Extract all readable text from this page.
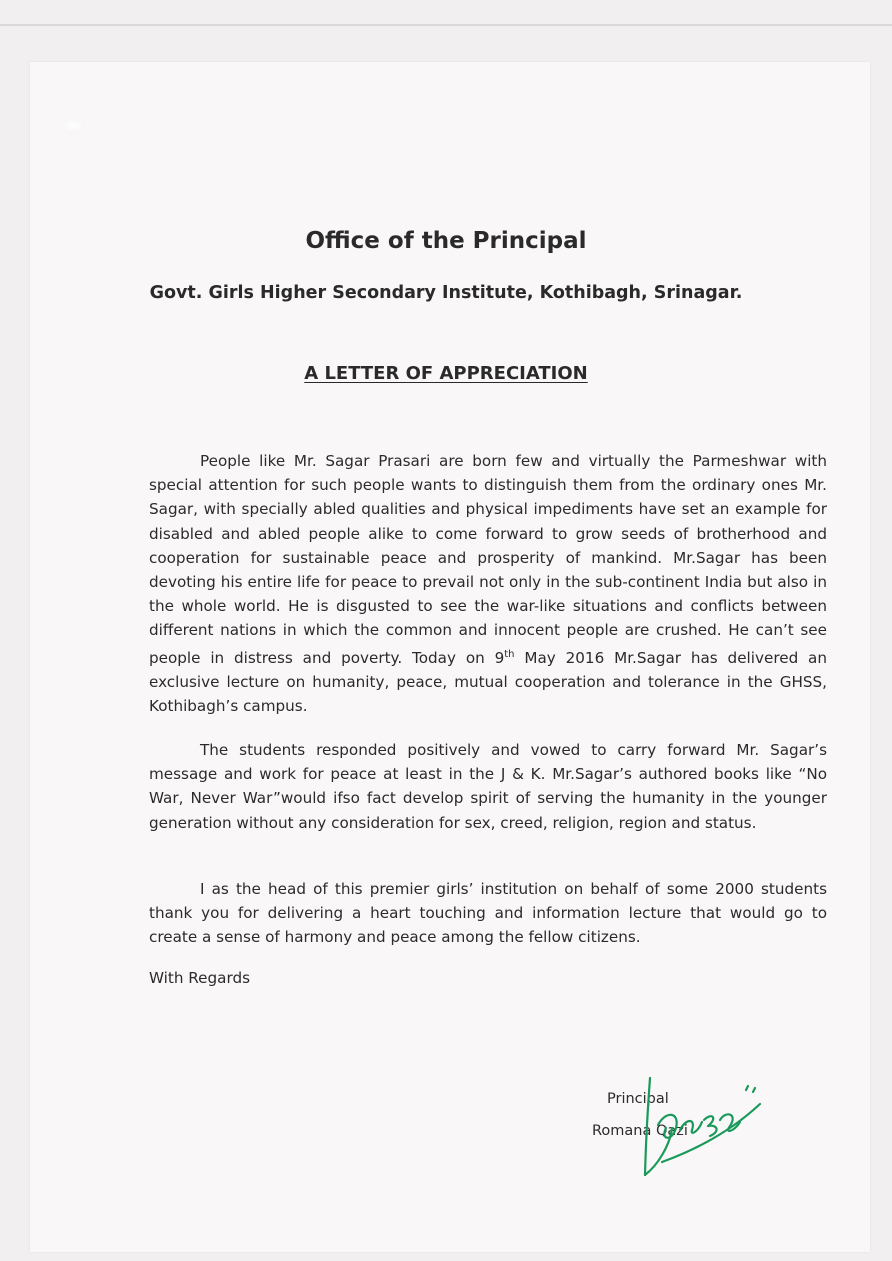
Office of the Principal
Govt. Girls Higher Secondary Institute, Kothibagh, Srinagar.
A LETTER OF APPRECIATION

People like Mr. Sagar Prasari are born few and virtually the Parmeshwar with special attention for such people wants to distinguish them from the ordinary ones Mr. Sagar, with specially abled qualities and physical impediments have set an example for disabled and abled people alike to come forward to grow seeds of brotherhood and cooperation for sustainable peace and prosperity of mankind. Mr.Sagar has been devoting his entire life for peace to prevail not only in the sub-continent India but also in the whole world. He is disgusted to see the war-like situations and conflicts between different nations in which the common and innocent people are crushed. He can’t see people in distress and poverty. Today on 9th May 2016 Mr.Sagar has delivered an exclusive lecture on humanity, peace, mutual cooperation and tolerance in the GHSS, Kothibagh’s campus.

The students responded positively and vowed to carry forward Mr. Sagar’s message and work for peace at least in the J & K. Mr.Sagar’s authored books like “No War, Never War”would ifso fact develop spirit of serving the humanity in the younger generation without any consideration for sex, creed, religion, region and status.

I as the head of this premier girls’ institution on behalf of some 2000 students thank you for delivering a heart touching and information lecture that would go to create a sense of harmony and peace among the fellow citizens.

With Regards

Principal
Romana Qazi
